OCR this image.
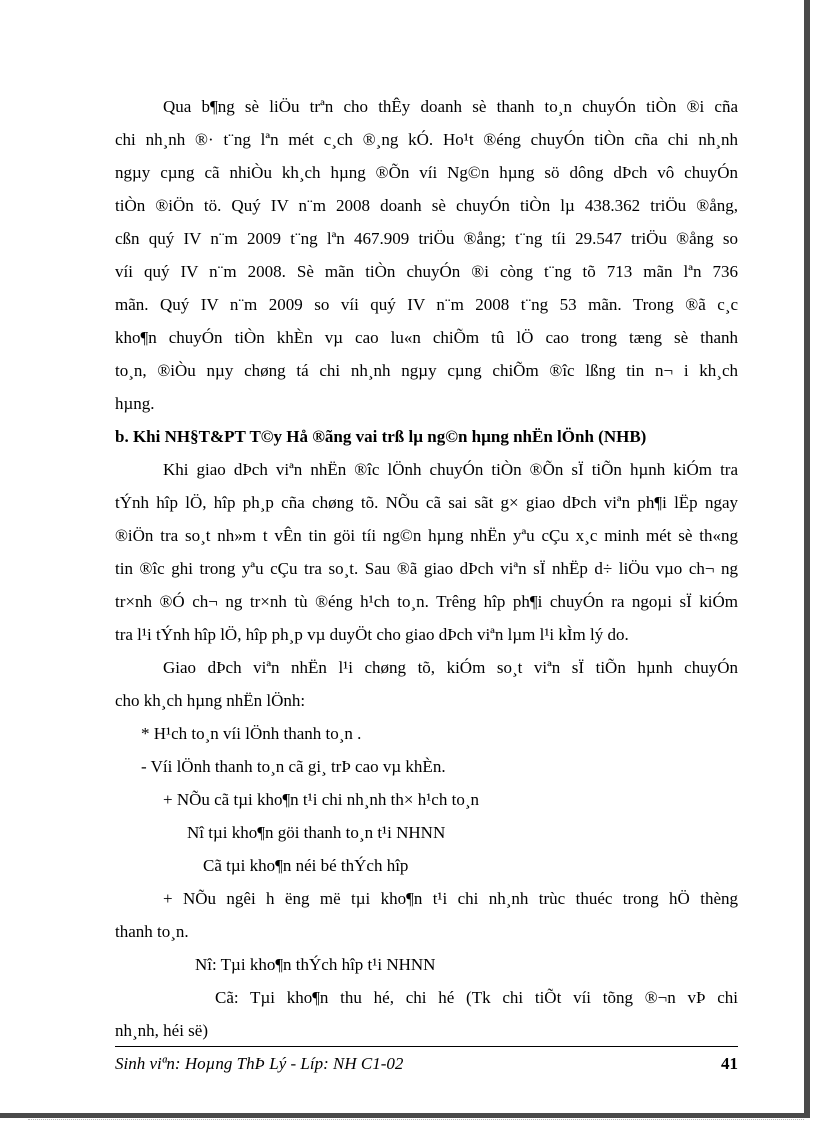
Qua b¶ng sè liÖu trªn cho thÊy doanh sè thanh to¸n chuyÓn tiÒn ®i cña
chi nh¸nh ®· t¨ng lªn mét c¸ch ®¸ng kÓ. Ho¹t ®éng chuyÓn tiÒn cña chi nh¸nh
ngµy cµng cã nhiÒu kh¸ch hµng ®Õn víi Ng©n hµng sö dông dÞch vô chuyÓn
tiÒn ®iÖn tö. Quý IV n¨m 2008 doanh sè chuyÓn tiÒn lµ 438.362 triÖu ®ång,
cßn quý IV n¨m 2009 t¨ng lªn 467.909 triÖu ®ång; t¨ng tíi 29.547 triÖu ®ång so
víi quý IV n¨m 2008. Sè mãn tiÒn chuyÓn ®i còng t¨ng tõ 713 mãn lªn 736
mãn. Quý IV n¨m 2009 so víi quý IV n¨m 2008 t¨ng 53 mãn. Trong ®ã c¸c
kho¶n chuyÓn tiÒn khÈn vµ cao lu«n chiÕm tû lÖ cao trong tæng sè thanh
to¸n, ®iÒu nµy chøng tá chi nh¸nh ngµy cµng chiÕm ®îc lßng tin n¬ i kh¸ch
hµng.
b. Khi NH§T&PT T©y Hå ®ãng vai trß lµ ng©n hµng nhËn lÖnh (NHB)
Khi giao dÞch viªn nhËn ®îc lÖnh chuyÓn tiÒn ®Õn sÏ tiÕn hµnh kiÓm tra
tÝnh hîp lÖ, hîp ph¸p cña chøng tõ. NÕu cã sai sãt g× giao dÞch viªn ph¶i lËp ngay
®iÖn tra so¸t nh»m t vÊn tin göi tíi ng©n hµng nhËn yªu cÇu x¸c minh mét sè th«ng
tin ®îc ghi trong yªu cÇu tra so¸t. Sau ®ã giao dÞch viªn sÏ nhËp d÷ liÖu vµo ch¬ ng
tr×nh ®Ó ch¬ ng tr×nh tù ®éng h¹ch to¸n. Trêng hîp ph¶i chuyÓn ra ngoµi sÏ kiÓm
tra l¹i tÝnh hîp lÖ, hîp ph¸p vµ duyÖt cho giao dÞch viªn lµm l¹i kÌm lý do.
Giao dÞch viªn nhËn l¹i chøng tõ, kiÓm so¸t viªn sÏ tiÕn hµnh chuyÓn
cho kh¸ch hµng nhËn lÖnh:
* H¹ch to¸n víi lÖnh thanh to¸n .
- Víi lÖnh thanh to¸n cã gi¸ trÞ cao vµ khÈn.
+ NÕu cã tµi kho¶n t¹i chi nh¸nh th× h¹ch to¸n
Nî tµi kho¶n göi thanh to¸n t¹i NHNN
Cã tµi kho¶n néi bé thÝch hîp
+ NÕu ngêi h ëng më tµi kho¶n t¹i chi nh¸nh trùc thuéc trong hÖ thèng
thanh to¸n.
Nî: Tµi kho¶n thÝch hîp t¹i NHNN
Cã: Tµi kho¶n thu hé, chi hé (Tk chi tiÕt víi tõng ®¬n vÞ chi
nh¸nh, héi së)
Sinh viªn: Hoµng ThÞ Lý - Líp: NH C1-02	41
